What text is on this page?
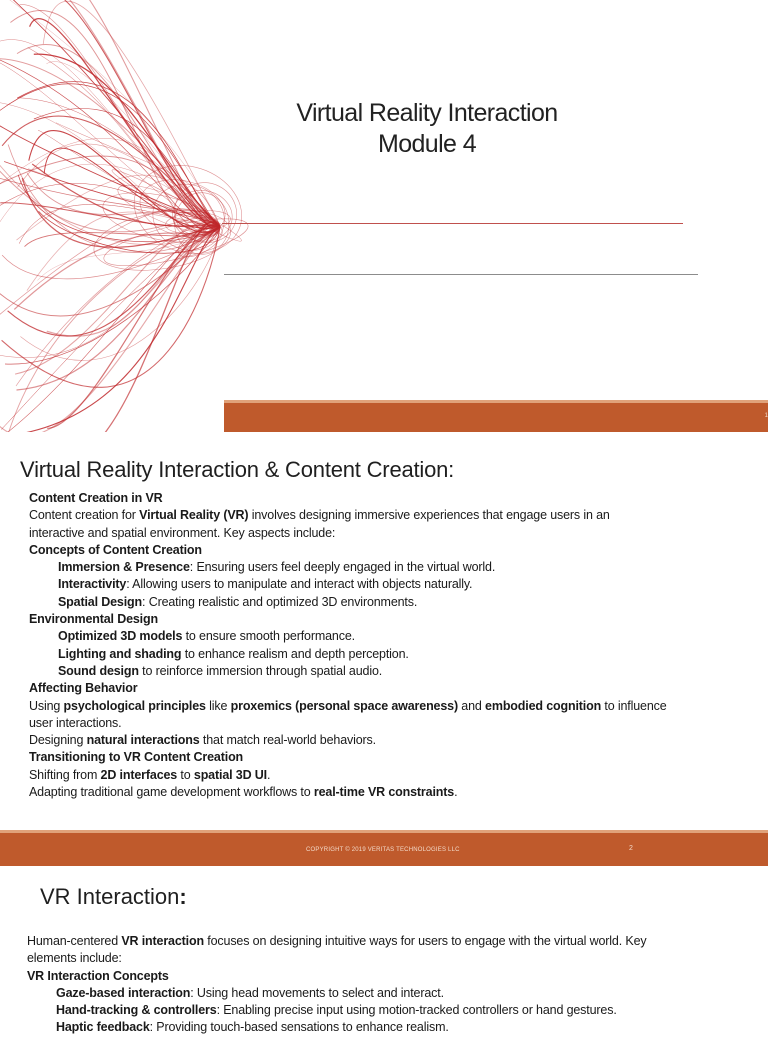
Virtual Reality Interaction
Module 4
1
Virtual Reality Interaction & Content Creation:
Content Creation in VR
Content creation for Virtual Reality (VR) involves designing immersive experiences that engage users in an
interactive and spatial environment. Key aspects include:
Concepts of Content Creation
Immersion & Presence: Ensuring users feel deeply engaged in the virtual world.
Interactivity: Allowing users to manipulate and interact with objects naturally.
Spatial Design: Creating realistic and optimized 3D environments.
Environmental Design
Optimized 3D models to ensure smooth performance.
Lighting and shading to enhance realism and depth perception.
Sound design to reinforce immersion through spatial audio.
Affecting Behavior
Using psychological principles like proxemics (personal space awareness) and embodied cognition to influence
user interactions.
Designing natural interactions that match real-world behaviors.
Transitioning to VR Content Creation
Shifting from 2D interfaces to spatial 3D UI.
Adapting traditional game development workflows to real-time VR constraints.
COPYRIGHT © 2019 VERITAS TECHNOLOGIES LLC	2
VR Interaction:
Human-centered VR interaction focuses on designing intuitive ways for users to engage with the virtual world. Key
elements include:
VR Interaction Concepts
Gaze-based interaction: Using head movements to select and interact.
Hand-tracking & controllers: Enabling precise input using motion-tracked controllers or hand gestures.
Haptic feedback: Providing touch-based sensations to enhance realism.
